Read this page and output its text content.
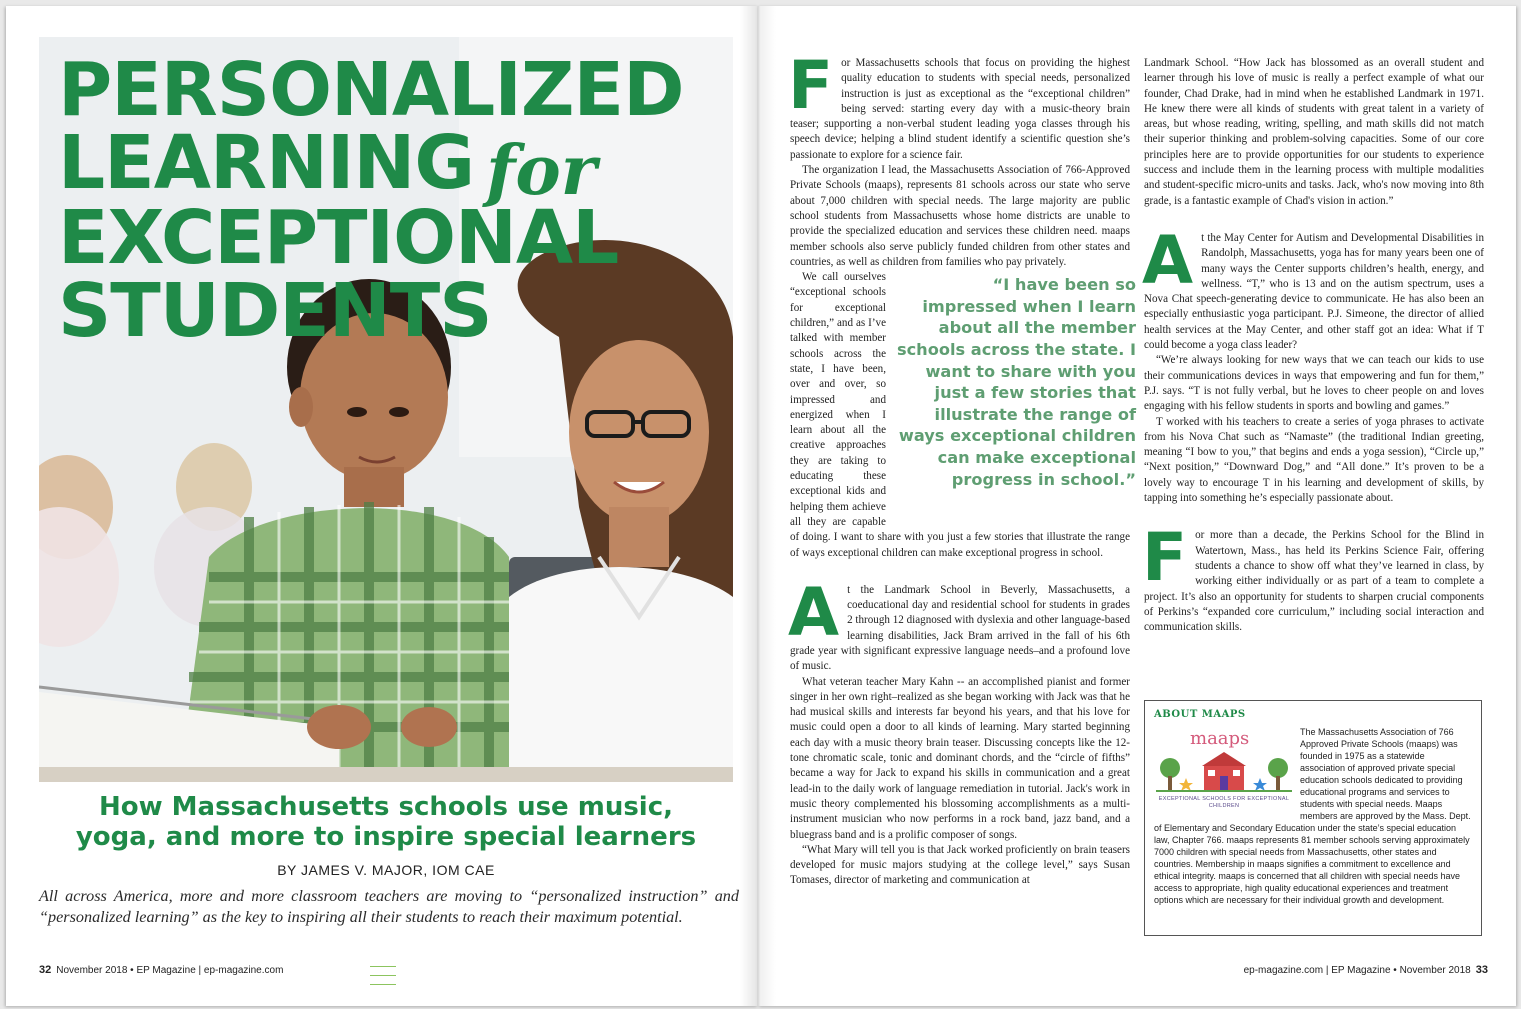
PERSONALIZED
LEARNING for
EXCEPTIONAL
STUDENTS
How Massachusetts schools use music,
yoga, and more to inspire special learners
BY JAMES V. MAJOR, IOM CAE
All across America, more and more classroom teachers are moving to “personalized instruction” and “personalized learning” as the key to inspiring all their students to reach their maximum potential.
32 November 2018 • EP Magazine | ep-magazine.com

For Massachusetts schools that focus on providing the highest quality education to students with special needs, personalized instruction is just as exceptional as the “exceptional children” being served: starting every day with a music-theory brain teaser; supporting a non-verbal student leading yoga classes through his speech device; helping a blind student identify a scientific question she’s passionate to explore for a science fair.

The organization I lead, the Massachusetts Association of 766-Approved Private Schools (maaps), represents 81 schools across our state who serve about 7,000 children with special needs. The large majority are public school students from Massachusetts whose home districts are unable to provide the specialized education and services these children need. maaps member schools also serve publicly funded children from other states and countries, as well as children from families who pay privately.

“I have been so impressed when I learn about all the member schools across the state. I want to share with you just a few stories that illustrate the range of ways exceptional children can make exceptional progress in school.”

We call ourselves “exceptional schools for exceptional children,” and as I’ve talked with member schools across the state, I have been, over and over, so impressed and energized when I learn about all the creative approaches they are taking to educating these exceptional kids and helping them achieve all they are capable of doing. I want to share with you just a few stories that illustrate the range of ways exceptional children can make exceptional progress in school.

At the Landmark School in Beverly, Massachusetts, a coeducational day and residential school for students in grades 2 through 12 diagnosed with dyslexia and other language-based learning disabilities, Jack Bram arrived in the fall of his 6th grade year with significant expressive language needs–and a profound love of music.

What veteran teacher Mary Kahn -- an accomplished pianist and former singer in her own right–realized as she began working with Jack was that he had musical skills and interests far beyond his years, and that his love for music could open a door to all kinds of learning. Mary started beginning each day with a music theory brain teaser. Discussing concepts like the 12-tone chromatic scale, tonic and dominant chords, and the “circle of fifths” became a way for Jack to expand his skills in communication and a great lead-in to the daily work of language remediation in tutorial. Jack's work in music theory complemented his blossoming accomplishments as a multi-instrument musician who now performs in a rock band, jazz band, and a bluegrass band and is a prolific composer of songs.

“What Mary will tell you is that Jack worked proficiently on brain teasers developed for music majors studying at the college level,” says Susan Tomases, director of marketing and communication at

Landmark School. “How Jack has blossomed as an overall student and learner through his love of music is really a perfect example of what our founder, Chad Drake, had in mind when he established Landmark in 1971. He knew there were all kinds of students with great talent in a variety of areas, but whose reading, writing, spelling, and math skills did not match their superior thinking and problem-solving capacities. Some of our core principles here are to provide opportunities for our students to experience success and include them in the learning process with multiple modalities and student-specific micro-units and tasks. Jack, who's now moving into 8th grade, is a fantastic example of Chad's vision in action.”

At the May Center for Autism and Developmental Disabilities in Randolph, Massachusetts, yoga has for many years been one of many ways the Center supports children’s health, energy, and wellness. “T,” who is 13 and on the autism spectrum, uses a Nova Chat speech-generating device to communicate. He has also been an especially enthusiastic yoga participant. P.J. Simeone, the director of allied health services at the May Center, and other staff got an idea: What if T could become a yoga class leader?

“We’re always looking for new ways that we can teach our kids to use their communications devices in ways that empowering and fun for them,” P.J. says. “T is not fully verbal, but he loves to cheer people on and loves engaging with his fellow students in sports and bowling and games.”

T worked with his teachers to create a series of yoga phrases to activate from his Nova Chat such as “Namaste” (the traditional Indian greeting, meaning “I bow to you,” that begins and ends a yoga session), “Circle up,” “Next position,” “Downward Dog,” and “All done.” It’s proven to be a lovely way to encourage T in his learning and development of skills, by tapping into something he’s especially passionate about.

For more than a decade, the Perkins School for the Blind in Watertown, Mass., has held its Perkins Science Fair, offering students a chance to show off what they’ve learned in class, by working either individually or as part of a team to complete a project. It’s also an opportunity for students to sharpen crucial components of Perkins’s “expanded core curriculum,” including social interaction and communication skills.

ABOUT MAAPS
maaps
EXCEPTIONAL SCHOOLS FOR EXCEPTIONAL CHILDREN
The Massachusetts Association of 766 Approved Private Schools (maaps) was founded in 1975 as a statewide association of approved private special education schools dedicated to providing educational programs and services to students with special needs. Maaps members are approved by the Mass. Dept. of Elementary and Secondary Education under the state’s special education law, Chapter 766. maaps represents 81 member schools serving approximately 7000 children with special needs from Massachusetts, other states and countries. Membership in maaps signifies a commitment to excellence and ethical integrity. maaps is concerned that all children with special needs have access to appropriate, high quality educational experiences and treatment options which are necessary for their individual growth and development.
ep-magazine.com | EP Magazine • November 2018 33
